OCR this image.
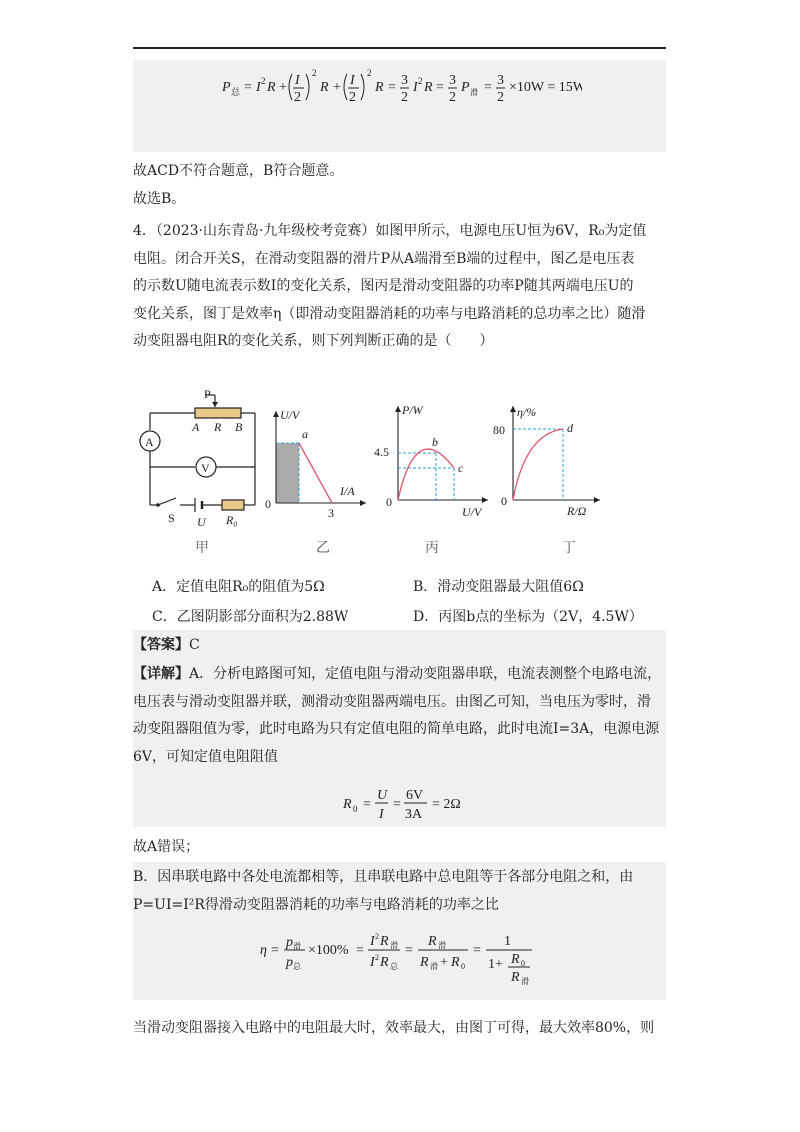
P 总 = I 2 R + I
2
2
R + I
2
2
R = 3
2
I 2 R = 3
2
P 滑 = 3
2
×10W = 15W
故ACD不符合题意，B符合题意。
故选B。
4．（2023·山东青岛·九年级校考竞赛）如图甲所示，电源电压U恒为6V，R₀为定值
电阻。闭合开关S，在滑动变阻器的滑片P从A端滑至B端的过程中，图乙是电压表
的示数U随电流表示数I的变化关系，图丙是滑动变阻器的功率P随其两端电压U的
变化关系，图丁是效率η（即滑动变阻器消耗的功率与电路消耗的总功率之比）随滑
动变阻器电阻R的变化关系，则下列判断正确的是（　　）
P
A R B
A
V
S U R₀
U/V
a
I/A
0
3
P/W
4.5
b
c
0
U/V
η/%
80	d
0
R/Ω
甲	乙	丙	丁
A．定值电阻R₀的阻值为5Ω	B．滑动变阻器最大阻值6Ω
C．乙图阴影部分面积为2.88W	D．丙图b点的坐标为（2V，4.5W）
【答案】C
【详解】A．分析电路图可知，定值电阻与滑动变阻器串联，电流表测整个电路电流，
电压表与滑动变阻器并联，测滑动变阻器两端电压。由图乙可知，当电压为零时，滑
动变阻器阻值为零，此时电路为只有定值电阻的简单电路，此时电流I=3A，电源电源
6V，可知定值电阻阻值
R 0 =
U
I
=
6V
3A
= 2Ω
故A错误；
B．因串联电路中各处电流都相等，且串联电路中总电阻等于各部分电阻之和，由
P=UI=I²R得滑动变阻器消耗的功率与电路消耗的功率之比
η =
p 滑
p 总
×100% =
I 2 R 滑
I 2 R 总
=
R 滑
R 滑 + R 0
=
1
1+ R 0
R 滑
当滑动变阻器接入电路中的电阻最大时，效率最大，由图丁可得，最大效率80%，则
